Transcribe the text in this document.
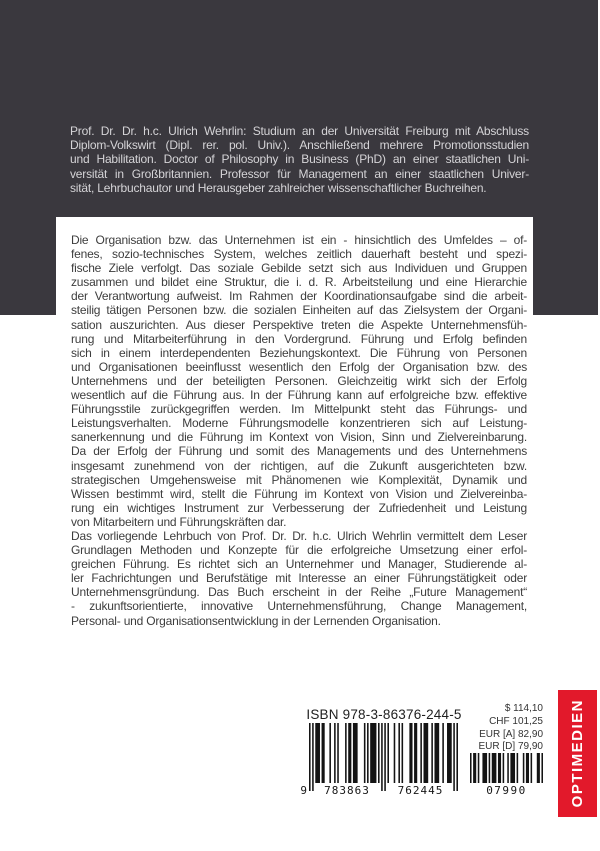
Prof. Dr. Dr. h.c. Ulrich Wehrlin: Studium an der Universität Freiburg mit Abschluss
Diplom-Volkswirt (Dipl. rer. pol. Univ.). Anschließend mehrere Promotionsstudien
und Habilitation. Doctor of Philosophy in Business (PhD) an einer staatlichen Uni-
versität in Großbritannien. Professor für Management an einer staatlichen Univer-
sität, Lehrbuchautor und Herausgeber zahlreicher wissenschaftlicher Buchreihen.
Die Organisation bzw. das Unternehmen ist ein - hinsichtlich des Umfeldes – of-
fenes, sozio-technisches System, welches zeitlich dauerhaft besteht und spezi-
fische Ziele verfolgt. Das soziale Gebilde setzt sich aus Individuen und Gruppen
zusammen und bildet eine Struktur, die i. d. R. Arbeitsteilung und eine Hierarchie
der Verantwortung aufweist. Im Rahmen der Koordinationsaufgabe sind die arbeit-
steilig tätigen Personen bzw. die sozialen Einheiten auf das Zielsystem der Organi-
sation auszurichten. Aus dieser Perspektive treten die Aspekte Unternehmensfüh-
rung und Mitarbeiterführung in den Vordergrund. Führung und Erfolg befinden
sich in einem interdependenten Beziehungskontext. Die Führung von Personen
und Organisationen beeinflusst wesentlich den Erfolg der Organisation bzw. des
Unternehmens und der beteiligten Personen. Gleichzeitig wirkt sich der Erfolg
wesentlich auf die Führung aus. In der Führung kann auf erfolgreiche bzw. effektive
Führungsstile zurückgegriffen werden. Im Mittelpunkt steht das Führungs- und
Leistungsverhalten. Moderne Führungsmodelle konzentrieren sich auf Leistung-
sanerkennung und die Führung im Kontext von Vision, Sinn und Zielvereinbarung.
Da der Erfolg der Führung und somit des Managements und des Unternehmens
insgesamt zunehmend von der richtigen, auf die Zukunft ausgerichteten bzw.
strategischen Umgehensweise mit Phänomenen wie Komplexität, Dynamik und
Wissen bestimmt wird, stellt die Führung im Kontext von Vision und Zielvereinba-
rung ein wichtiges Instrument zur Verbesserung der Zufriedenheit und Leistung
von Mitarbeitern und Führungskräften dar.
Das vorliegende Lehrbuch von Prof. Dr. Dr. h.c. Ulrich Wehrlin vermittelt dem Leser
Grundlagen Methoden und Konzepte für die erfolgreiche Umsetzung einer erfol-
greichen Führung. Es richtet sich an Unternehmer und Manager, Studierende al-
ler Fachrichtungen und Berufstätige mit Interesse an einer Führungstätigkeit oder
Unternehmensgründung. Das Buch erscheint in der Reihe „Future Management“
- zukunftsorientierte, innovative Unternehmensführung, Change Management,
Personal- und Organisationsentwicklung in der Lernenden Organisation.
ISBN 978-3-86376-244-5
9	783863	762445	07990
$ 114,10
CHF 101,25
EUR [A] 82,90
EUR [D] 79,90 OPTIMEDIEN
